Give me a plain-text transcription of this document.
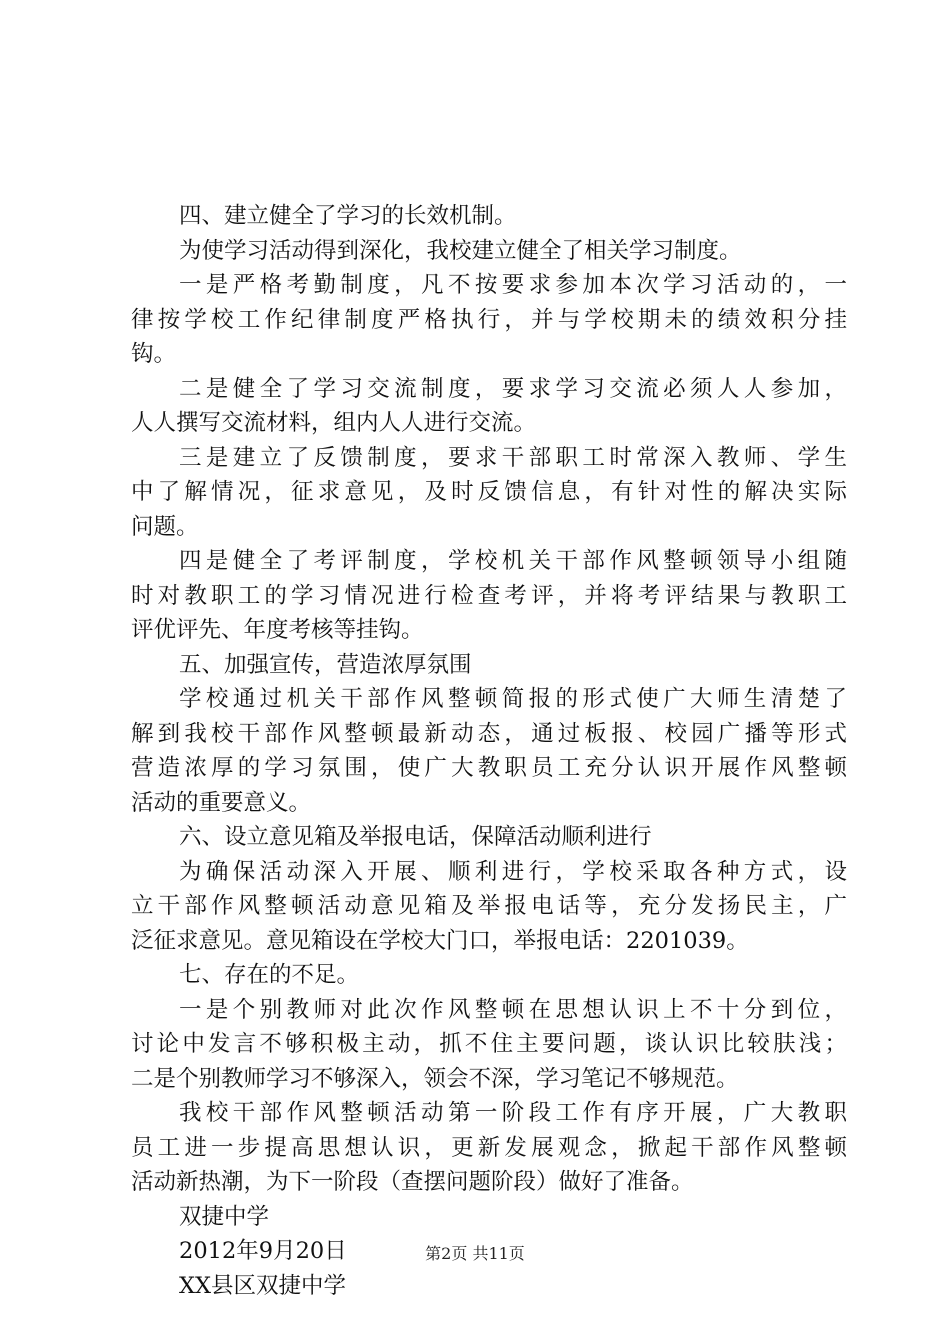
四、建立健全了学习的长效机制。
为使学习活动得到深化，我校建立健全了相关学习制度。
一是严格考勤制度，凡不按要求参加本次学习活动的，一
律按学校工作纪律制度严格执行，并与学校期未的绩效积分挂
钩。
二是健全了学习交流制度，要求学习交流必须人人参加，
人人撰写交流材料，组内人人进行交流。
三是建立了反馈制度，要求干部职工时常深入教师、学生
中了解情况，征求意见，及时反馈信息，有针对性的解决实际
问题。
四是健全了考评制度，学校机关干部作风整顿领导小组随
时对教职工的学习情况进行检查考评，并将考评结果与教职工
评优评先、年度考核等挂钩。
五、加强宣传，营造浓厚氛围
学校通过机关干部作风整顿简报的形式使广大师生清楚了
解到我校干部作风整顿最新动态，通过板报、校园广播等形式
营造浓厚的学习氛围，使广大教职员工充分认识开展作风整顿
活动的重要意义。
六、设立意见箱及举报电话，保障活动顺利进行
为确保活动深入开展、顺利进行，学校采取各种方式，设
立干部作风整顿活动意见箱及举报电话等，充分发扬民主，广
泛征求意见。意见箱设在学校大门口，举报电话：2201039。
七、存在的不足。
一是个别教师对此次作风整顿在思想认识上不十分到位，
讨论中发言不够积极主动，抓不住主要问题，谈认识比较肤浅；
二是个别教师学习不够深入，领会不深，学习笔记不够规范。
我校干部作风整顿活动第一阶段工作有序开展，广大教职
员工进一步提高思想认识，更新发展观念，掀起干部作风整顿
活动新热潮，为下一阶段（查摆问题阶段）做好了准备。
双捷中学
2012年9月20日
XX县区双捷中学
第2页 共11页
